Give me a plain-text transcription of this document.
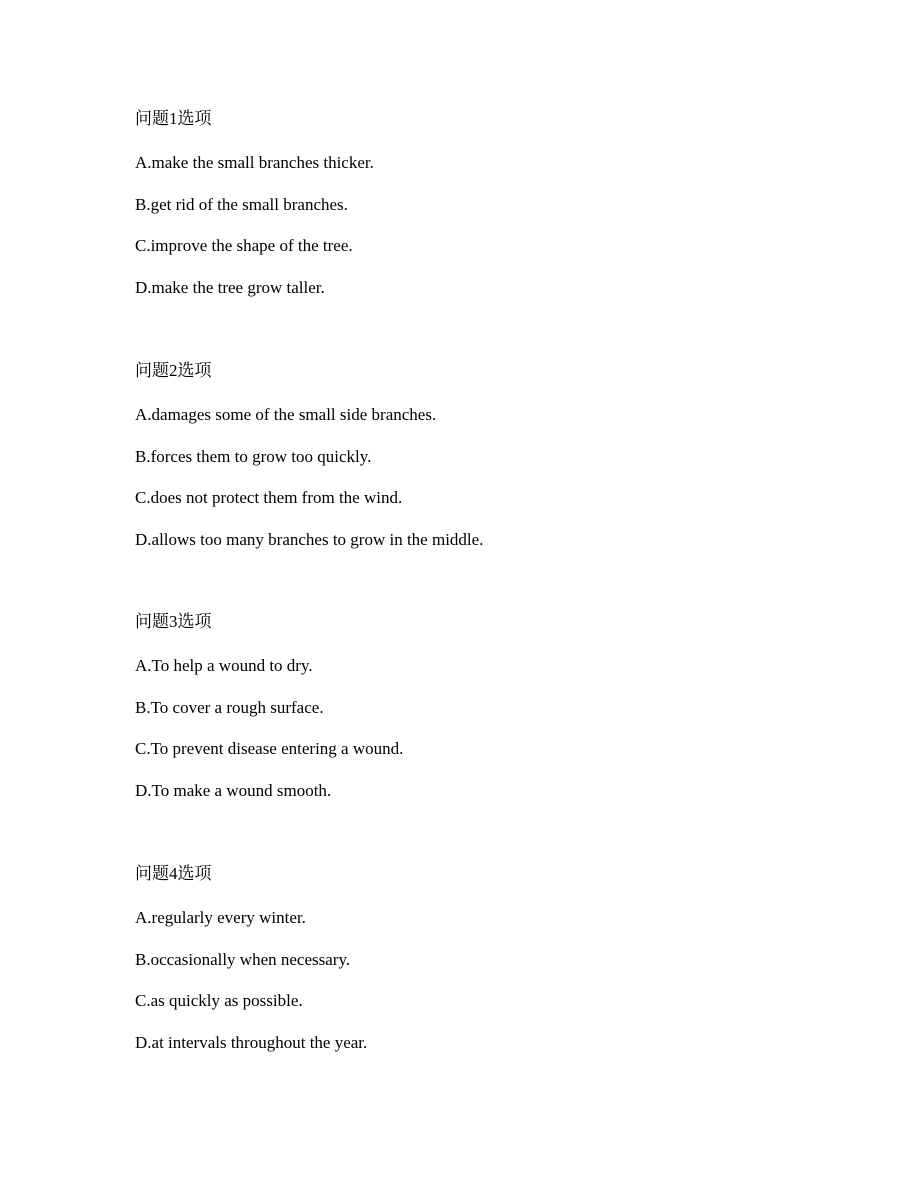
问题1选项

A.make the small branches thicker.

B.get rid of the small branches.

C.improve the shape of the tree.

D.make the tree grow taller.

问题2选项

A.damages some of the small side branches.

B.forces them to grow too quickly.

C.does not protect them from the wind.

D.allows too many branches to grow in the middle.

问题3选项

A.To help a wound to dry.

B.To cover a rough surface.

C.To prevent disease entering a wound.

D.To make a wound smooth.

问题4选项

A.regularly every winter.

B.occasionally when necessary.

C.as quickly as possible.

D.at intervals throughout the year.
